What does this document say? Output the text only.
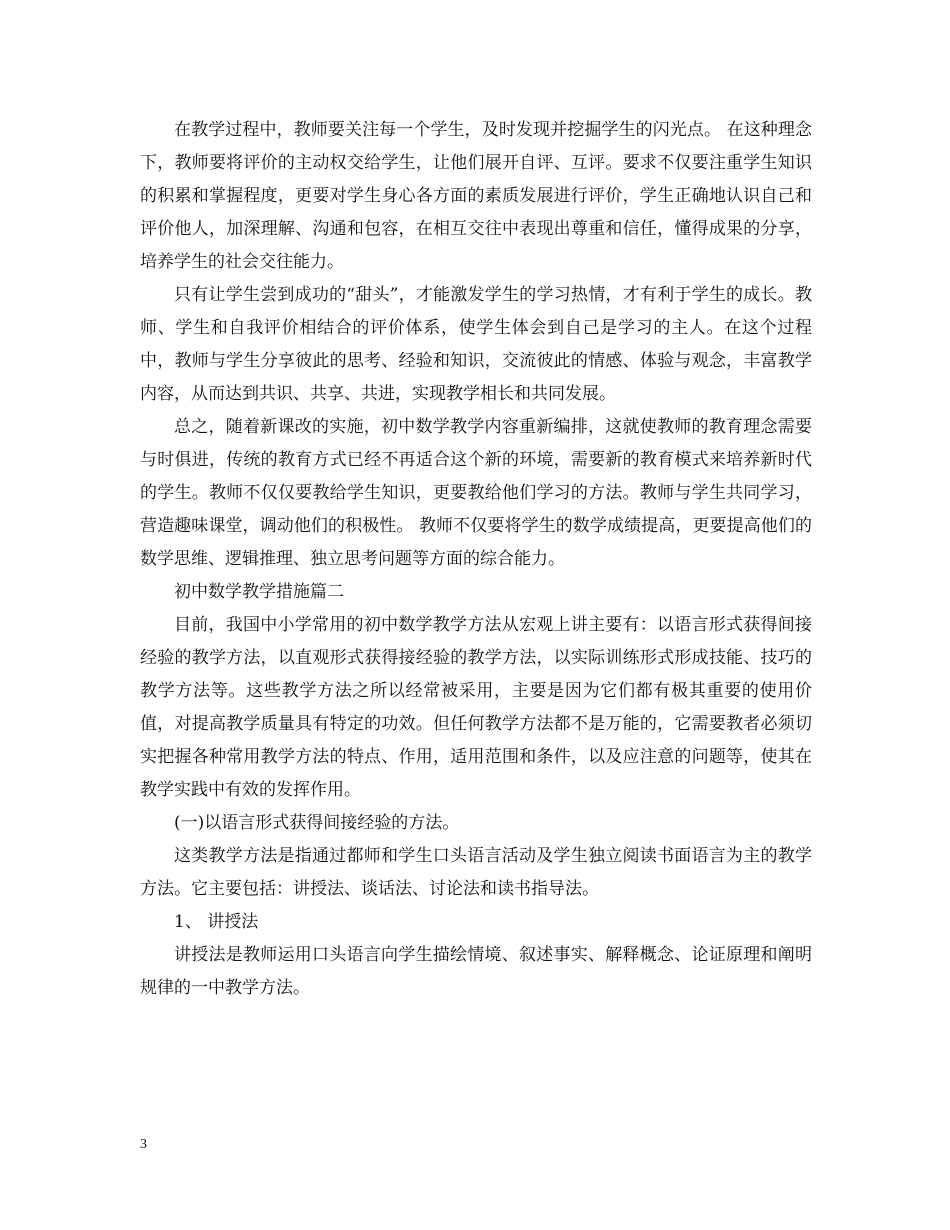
在教学过程中，教师要关注每一个学生，及时发现并挖掘学生的闪光点。 在这种理念下，教师要将评价的主动权交给学生，让他们展开自评、互评。要求不仅要注重学生知识的积累和掌握程度，更要对学生身心各方面的素质发展进行评价，学生正确地认识自己和评价他人，加深理解、沟通和包容，在相互交往中表现出尊重和信任，懂得成果的分享，培养学生的社会交往能力。

只有让学生尝到成功的“甜头”，才能激发学生的学习热情，才有利于学生的成长。教师、学生和自我评价相结合的评价体系，使学生体会到自己是学习的主人。在这个过程中，教师与学生分享彼此的思考、经验和知识，交流彼此的情感、体验与观念，丰富教学内容，从而达到共识、共享、共进，实现教学相长和共同发展。

总之，随着新课改的实施，初中数学教学内容重新编排，这就使教师的教育理念需要与时俱进，传统的教育方式已经不再适合这个新的环境，需要新的教育模式来培养新时代的学生。教师不仅仅要教给学生知识，更要教给他们学习的方法。教师与学生共同学习，营造趣味课堂，调动他们的积极性。 教师不仅要将学生的数学成绩提高，更要提高他们的数学思维、逻辑推理、独立思考问题等方面的综合能力。

初中数学教学措施篇二

目前，我国中小学常用的初中数学教学方法从宏观上讲主要有：以语言形式获得间接经验的教学方法，以直观形式获得接经验的教学方法，以实际训练形式形成技能、技巧的教学方法等。这些教学方法之所以经常被采用，主要是因为它们都有极其重要的使用价值，对提高教学质量具有特定的功效。但任何教学方法都不是万能的，它需要教者必须切实把握各种常用教学方法的特点、作用，适用范围和条件，以及应注意的问题等，使其在教学实践中有效的发挥作用。

(一)以语言形式获得间接经验的方法。

这类教学方法是指通过都师和学生口头语言活动及学生独立阅读书面语言为主的教学方法。它主要包括：讲授法、谈话法、讨论法和读书指导法。

1、 讲授法

讲授法是教师运用口头语言向学生描绘情境、叙述事实、解释概念、论证原理和阐明规律的一中教学方法。

3
